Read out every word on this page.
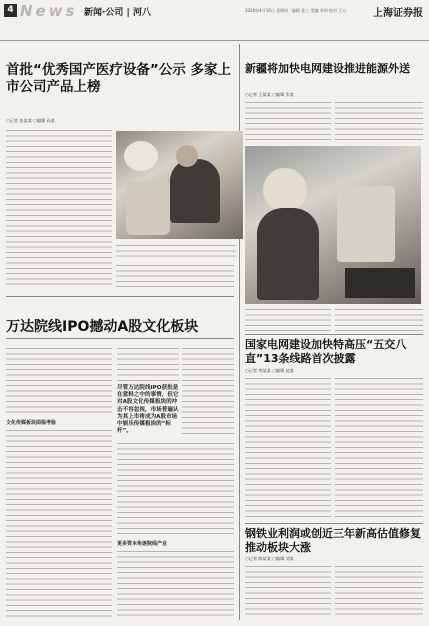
4 News 新闻·公司 | 河八	2020年4月16日 星期四 · 编辑 张三 美编 李四 校对 王五	上海证券报
首批“优秀国产医疗设备”公示 多家上市公司产品上榜
○记者 张某某 ○编辑 孙某
万达院线IPO撼动A股文化板块
文化传媒板块面临考验
尽管万达院线IPO获批是在意料之中的事情，但它对A股文化传媒板块的冲击不容忽视，市场普遍认为其上市将成为A股市场中娱乐传媒板块的“标杆”。
更多资本角逐院线产业
新疆将加快电网建设推进能源外送
○记者 王某某 ○编辑 张某
国家电网建设加快特高压“五交八直”13条线路首次披露
○记者 李某某 ○编辑 赵某
钢铁业利润或创近三年新高估值修复推动板块大涨
○记者 陈某某 ○编辑 刘某
